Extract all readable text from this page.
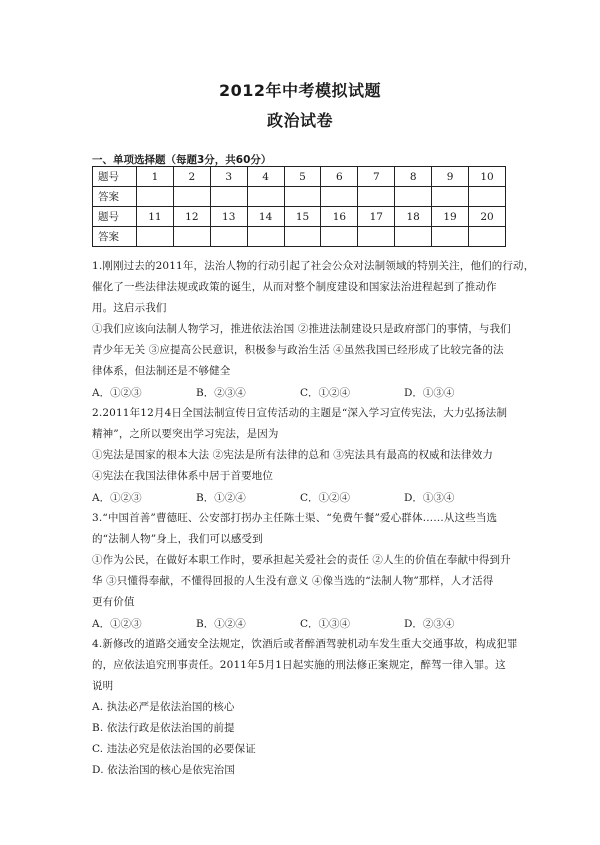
2012年中考模拟试题
政治试卷
一、单项选择题（每题3分，共60分）
题号	1	2	3	4	5	6	7	8	9	10
答案										
题号	11	12	13	14	15	16	17	18	19	20
答案										
1.刚刚过去的2011年，法治人物的行动引起了社会公众对法制领域的特别关注，他们的行动，
催化了一些法律法规或政策的诞生，从而对整个制度建设和国家法治进程起到了推动作
用。这启示我们
①我们应该向法制人物学习，推进依法治国 ②推进法制建设只是政府部门的事情，与我们
青少年无关 ③应提高公民意识，积极参与政治生活 ④虽然我国已经形成了比较完备的法
律体系，但法制还是不够健全
A．①②③	B．②③④	C．①②④	D．①③④
2.2011年12月4日全国法制宣传日宣传活动的主题是“深入学习宣传宪法，大力弘扬法制
精神”，之所以要突出学习宪法，是因为
①宪法是国家的根本大法 ②宪法是所有法律的总和 ③宪法具有最高的权威和法律效力
④宪法在我国法律体系中居于首要地位
A．①②③	B．①②④	C．①②④	D．①③④
3.“中国首善”曹德旺、公安部打拐办主任陈士渠、“免费午餐”爱心群体……从这些当选
的“法制人物”身上，我们可以感受到
①作为公民，在做好本职工作时，要承担起关爱社会的责任 ②人生的价值在奉献中得到升
华 ③只懂得奉献，不懂得回报的人生没有意义 ④像当选的“法制人物”那样，人才活得
更有价值
A．①②③	B．①②④	C．①③④	D．②③④
4.新修改的道路交通安全法规定，饮酒后或者醉酒驾驶机动车发生重大交通事故，构成犯罪
的，应依法追究刑事责任。2011年5月1日起实施的刑法修正案规定，醉驾一律入罪。这
说明
A. 执法必严是依法治国的核心
B. 依法行政是依法治国的前提
C. 违法必究是依法治国的必要保证
D. 依法治国的核心是依宪治国
